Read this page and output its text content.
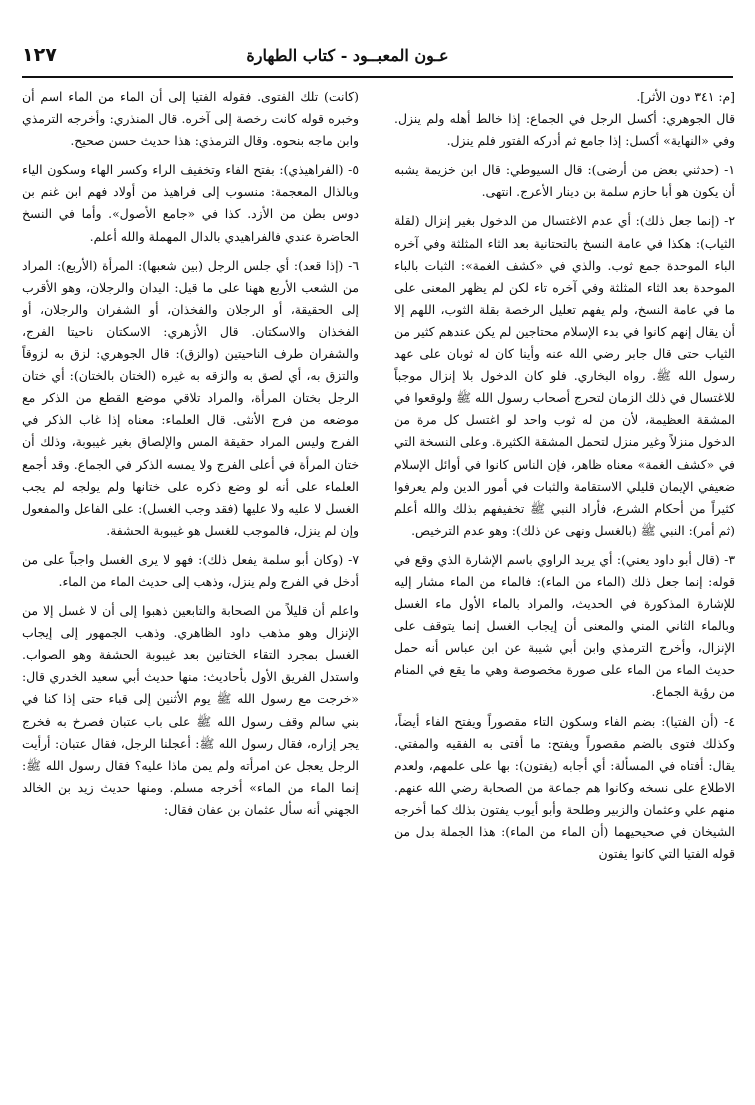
عـون المعبــود - كتاب الطهارة
١٢٧

[م: ٣٤١ دون الأثر].

قال الجوهري: أكسل الرجل في الجماع: إذا خالط أهله ولم ينزل. وفي «النهاية» أكسل: إذا جامع ثم أدركه الفتور فلم ينزل.

١- (حدثني بعض من أرضى): قال السيوطي: قال ابن خزيمة يشبه أن يكون هو أبا حازم سلمة بن دينار الأعرج. انتهى.

٢- (إنما جعل ذلك): أي عدم الاغتسال من الدخول بغير إنزال (لقلة الثياب): هكذا في عامة النسخ بالتحتانية بعد الثاء المثلثة وفي آخره الباء الموحدة جمع ثوب. والذي في «كشف الغمة»: الثبات بالباء الموحدة بعد الثاء المثلثة وفي آخره تاء لكن لم يظهر المعنى على ما في عامة النسخ، ولم يفهم تعليل الرخصة بقلة الثوب، اللهم إلا أن يقال إنهم كانوا في بدء الإسلام محتاجين لم يكن عندهم كثير من الثياب حتى قال جابر رضي الله عنه وأينا كان له ثوبان على عهد رسول الله ﷺ. رواه البخاري. فلو كان الدخول بلا إنزال موجباً للاغتسال في ذلك الزمان لتحرج أصحاب رسول الله ﷺ ولوقعوا في المشقة العظيمة، لأن من له ثوب واحد لو اغتسل كل مرة من الدخول منزلاً وغير منزل لتحمل المشقة الكثيرة. وعلى النسخة التي في «كشف الغمة» معناه ظاهر، فإن الناس كانوا في أوائل الإسلام ضعيفي الإيمان قليلي الاستقامة والثبات في أمور الدين ولم يعرفوا كثيراً من أحكام الشرع، فأراد النبي ﷺ تخفيفهم بذلك والله أعلم (ثم أمر): النبي ﷺ (بالغسل ونهى عن ذلك): وهو عدم الترخيص.

٣- (قال أبو داود يعني): أي يريد الراوي باسم الإشارة الذي وقع في قوله: إنما جعل ذلك (الماء من الماء): فالماء من الماء مشار إليه للإشارة المذكورة في الحديث، والمراد بالماء الأول ماء الغسل وبالماء الثاني المني والمعنى أن إيجاب الغسل إنما يتوقف على الإنزال، وأخرج الترمذي وابن أبي شيبة عن ابن عباس أنه حمل حديث الماء من الماء على صورة مخصوصة وهي ما يقع في المنام من رؤية الجماع.

٤- (أن الفتيا): بضم الفاء وسكون التاء مقصوراً ويفتح الفاء أيضاً، وكذلك فتوى بالضم مقصوراً ويفتح: ما أفتى به الفقيه والمفتي. يقال: أفتاه في المسألة: أي أجابه (يفتون): بها على علمهم، ولعدم الاطلاع على نسخه وكانوا هم جماعة من الصحابة رضي الله عنهم. منهم علي وعثمان والزبير وطلحة وأبو أيوب يفتون بذلك كما أخرجه الشيخان في صحيحيهما (أن الماء من الماء): هذا الجملة بدل من قوله الفتيا التي كانوا يفتون

(كانت) تلك الفتوى. فقوله الفتيا إلى أن الماء من الماء اسم أن وخبره قوله كانت رخصة إلى آخره. قال المنذري: وأخرجه الترمذي وابن ماجه بنحوه. وقال الترمذي: هذا حديث حسن صحيح.

٥- (الفراهيذي): بفتح الفاء وتخفيف الراء وكسر الهاء وسكون الياء وبالذال المعجمة: منسوب إلى فراهيذ من أولاد فهم ابن غنم بن دوس بطن من الأزد. كذا في «جامع الأصول». وأما في النسخ الحاضرة عندي فالفراهيدي بالدال المهملة والله أعلم.

٦- (إذا قعد): أي جلس الرجل (بين شعبها): المرأة (الأربع): المراد من الشعب الأربع ههنا على ما قيل: اليدان والرجلان، وهو الأقرب إلى الحقيقة، أو الرجلان والفخذان، أو الشفران والرجلان، أو الفخذان والاسكتان. قال الأزهري: الاسكتان ناحيتا الفرج، والشفران طرف الناحيتين (والزق): قال الجوهري: لزق به لزوقاً والتزق به، أي لصق به والزقه به غيره (الختان بالختان): أي ختان الرجل بختان المرأة، والمراد تلاقي موضع القطع من الذكر مع موضعه من فرج الأنثى. قال العلماء: معناه إذا غاب الذكر في الفرج وليس المراد حقيقة المس والإلصاق بغير غيبوبة، وذلك أن ختان المرأة في أعلى الفرج ولا يمسه الذكر في الجماع. وقد أجمع العلماء على أنه لو وضع ذكره على ختانها ولم يولجه لم يجب الغسل لا عليه ولا عليها (فقد وجب الغسل): على الفاعل والمفعول وإن لم ينزل، فالموجب للغسل هو غيبوبة الحشفة.

٧- (وكان أبو سلمة يفعل ذلك): فهو لا يرى الغسل واجباً على من أدخل في الفرج ولم ينزل، وذهب إلى حديث الماء من الماء.

واعلم أن قليلاً من الصحابة والتابعين ذهبوا إلى أن لا غسل إلا من الإنزال وهو مذهب داود الظاهري. وذهب الجمهور إلى إيجاب الغسل بمجرد التقاء الختانين بعد غيبوبة الحشفة وهو الصواب. واستدل الفريق الأول بأحاديث: منها حديث أبي سعيد الخدري قال: «خرجت مع رسول الله ﷺ يوم الأثنين إلى قباء حتى إذا كنا في بني سالم وقف رسول الله ﷺ على باب عتبان فصرخ به فخرج يجر إزاره، فقال رسول الله ﷺ: أعجلنا الرجل، فقال عتبان: أرأيت الرجل يعجل عن امرأته ولم يمن ماذا عليه؟ فقال رسول الله ﷺ: إنما الماء من الماء» أخرجه مسلم. ومنها حديث زيد بن الخالد الجهني أنه سأل عثمان بن عفان فقال:
